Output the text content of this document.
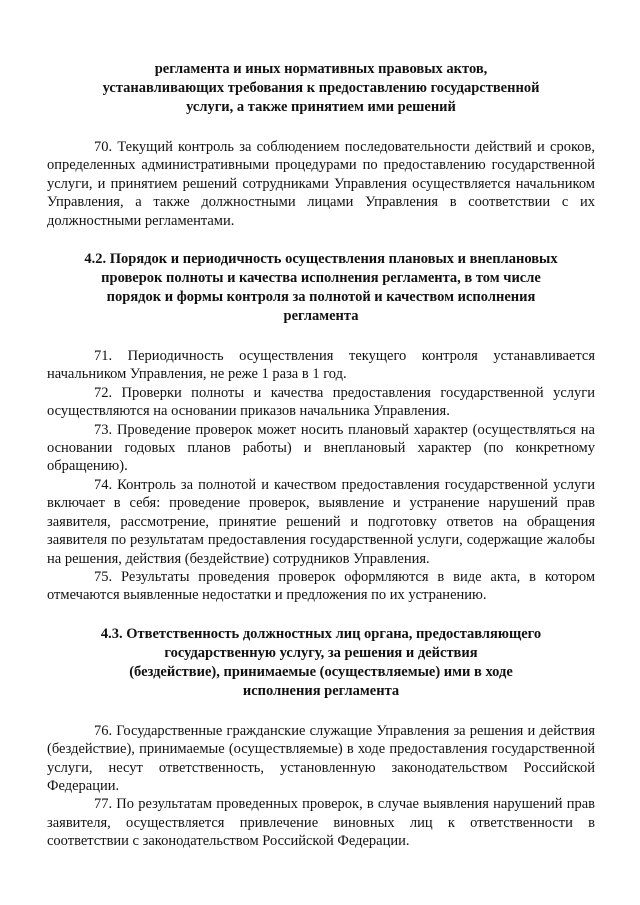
регламента и иных нормативных правовых актов,
устанавливающих требования к предоставлению государственной
услуги, а также принятием ими решений

70. Текущий контроль за соблюдением последовательности действий и сроков, определенных административными процедурами по предоставлению государственной услуги, и принятием решений сотрудниками Управления осуществляется начальником Управления, а также должностными лицами Управления в соответствии с их должностными регламентами.

4.2. Порядок и периодичность осуществления плановых и внеплановых
проверок полноты и качества исполнения регламента, в том числе
порядок и формы контроля за полнотой и качеством исполнения
регламента

71. Периодичность осуществления текущего контроля устанавливается начальником Управления, не реже 1 раза в 1 год.

72. Проверки полноты и качества предоставления государственной услуги осуществляются на основании приказов начальника Управления.

73. Проведение проверок может носить плановый характер (осуществляться на основании годовых планов работы) и внеплановый характер (по конкретному обращению).

74. Контроль за полнотой и качеством предоставления государственной услуги включает в себя: проведение проверок, выявление и устранение нарушений прав заявителя, рассмотрение, принятие решений и подготовку ответов на обращения заявителя по результатам предоставления государственной услуги, содержащие жалобы на решения, действия (бездействие) сотрудников Управления.

75. Результаты проведения проверок оформляются в виде акта, в котором отмечаются выявленные недостатки и предложения по их устранению.

4.3. Ответственность должностных лиц органа, предоставляющего
государственную услугу, за решения и действия
(бездействие), принимаемые (осуществляемые) ими в ходе
исполнения регламента

76. Государственные гражданские служащие Управления за решения и действия (бездействие), принимаемые (осуществляемые) в ходе предоставления государственной услуги, несут ответственность, установленную законодательством Российской Федерации.

77. По результатам проведенных проверок, в случае выявления нарушений прав заявителя, осуществляется привлечение виновных лиц к ответственности в соответствии с законодательством Российской Федерации.
